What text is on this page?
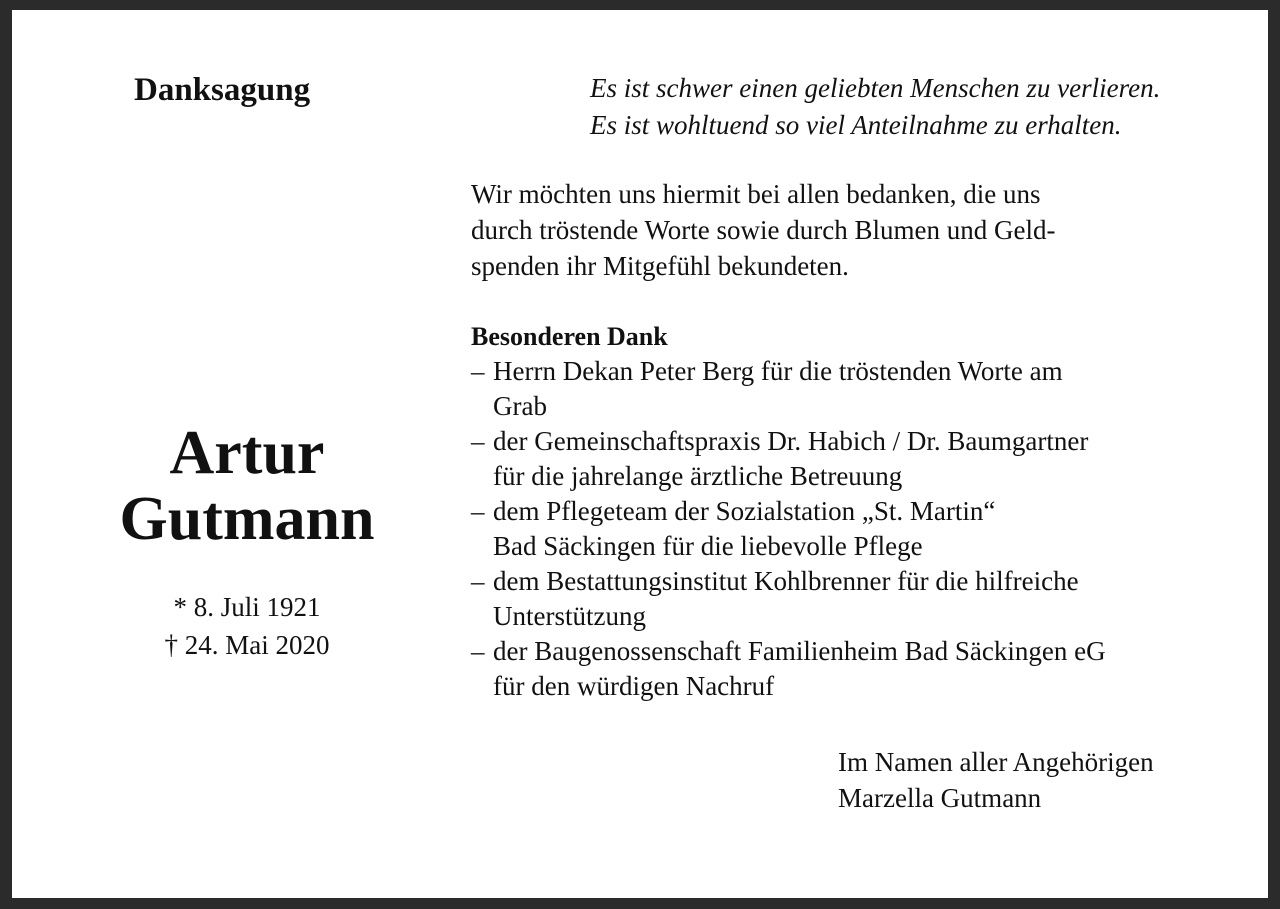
Danksagung
Artur
Gutmann
* 8. Juli 1921
† 24. Mai 2020
Es ist schwer einen geliebten Menschen zu verlieren.
Es ist wohltuend so viel Anteilnahme zu erhalten.
Wir möchten uns hiermit bei allen bedanken, die uns
durch tröstende Worte sowie durch Blumen und Geld-
spenden ihr Mitgefühl bekundeten.
Besonderen Dank
– Herrn Dekan Peter Berg für die tröstenden Worte am
Grab
– der Gemeinschaftspraxis Dr. Habich / Dr. Baumgartner
für die jahrelange ärztliche Betreuung
– dem Pflegeteam der Sozialstation „St. Martin“
Bad Säckingen für die liebevolle Pflege
– dem Bestattungsinstitut Kohlbrenner für die hilfreiche
Unterstützung
– der Baugenossenschaft Familienheim Bad Säckingen eG
für den würdigen Nachruf
Im Namen aller Angehörigen
Marzella Gutmann
